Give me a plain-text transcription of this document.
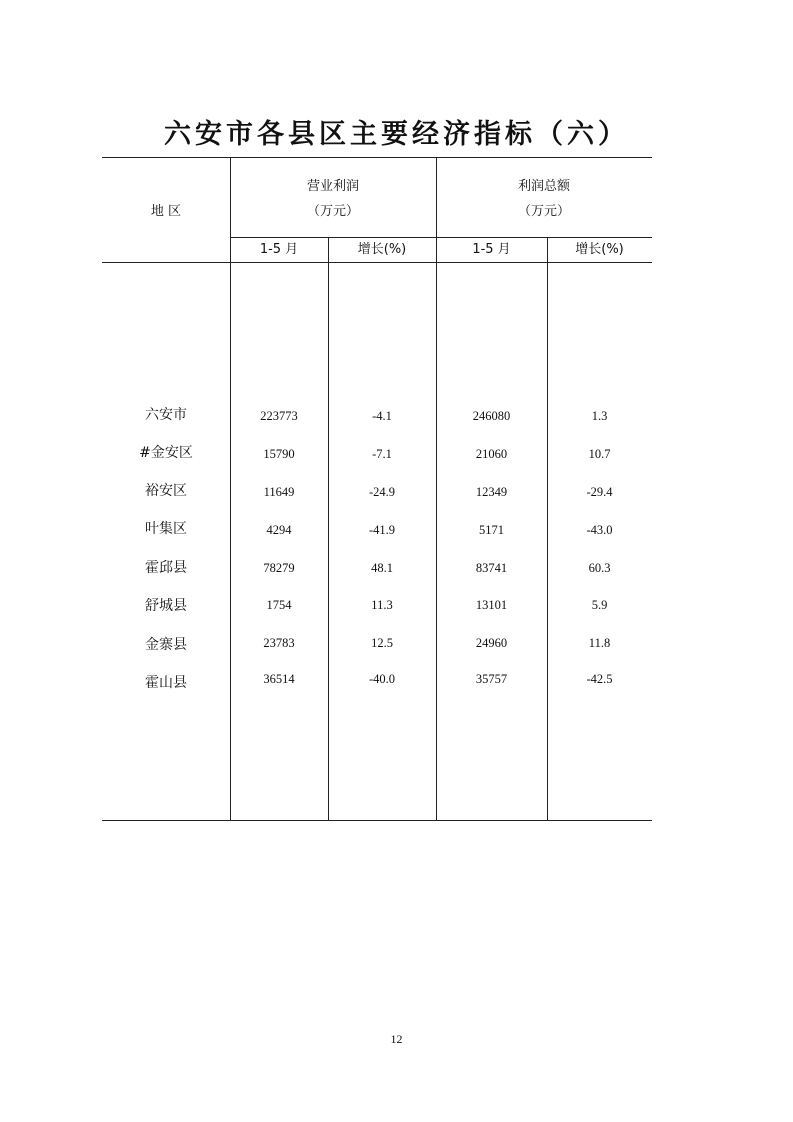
六安市各县区主要经济指标（六）
地 区
营业利润
（万元）
利润总额
（万元）
1-5 月	增长(%)	1-5 月	增长(%)
六安市	223773	-4.1	246080	1.3
#金安区	15790	-7.1	21060	10.7
裕安区	11649	-24.9	12349	-29.4
叶集区	4294	-41.9	5171	-43.0
霍邱县	78279	48.1	83741	60.3
舒城县	1754	11.3	13101	5.9
金寨县	23783	12.5	24960	11.8
霍山县	36514	-40.0	35757	-42.5
12
